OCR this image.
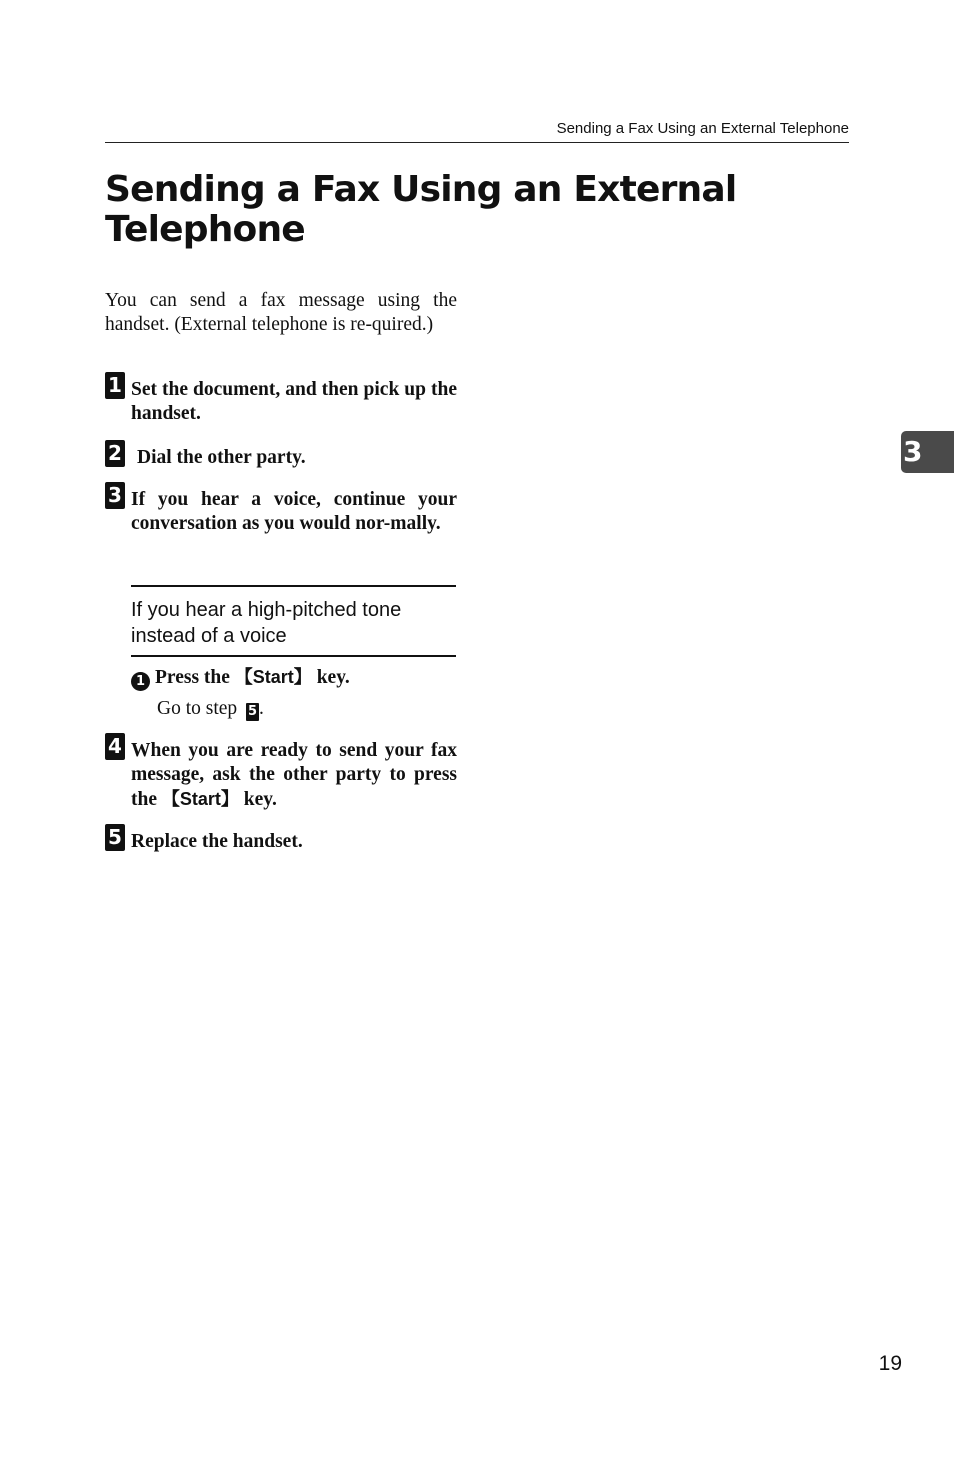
Sending a Fax Using an External Telephone
Sending a Fax Using an External Telephone

You can send a fax message using the handset. (External telephone is re-quired.)

1 Set the document, and then pick up the handset.
2 Dial the other party.
3 If you hear a voice, continue your conversation as you would nor-mally.

If you hear a high-pitched tone instead of a voice

1 Press the 【Start】 key.
Go to step 5 .
4 When you are ready to send your fax message, ask the other party to press the 【Start】 key.
5 Replace the handset.
3
19
